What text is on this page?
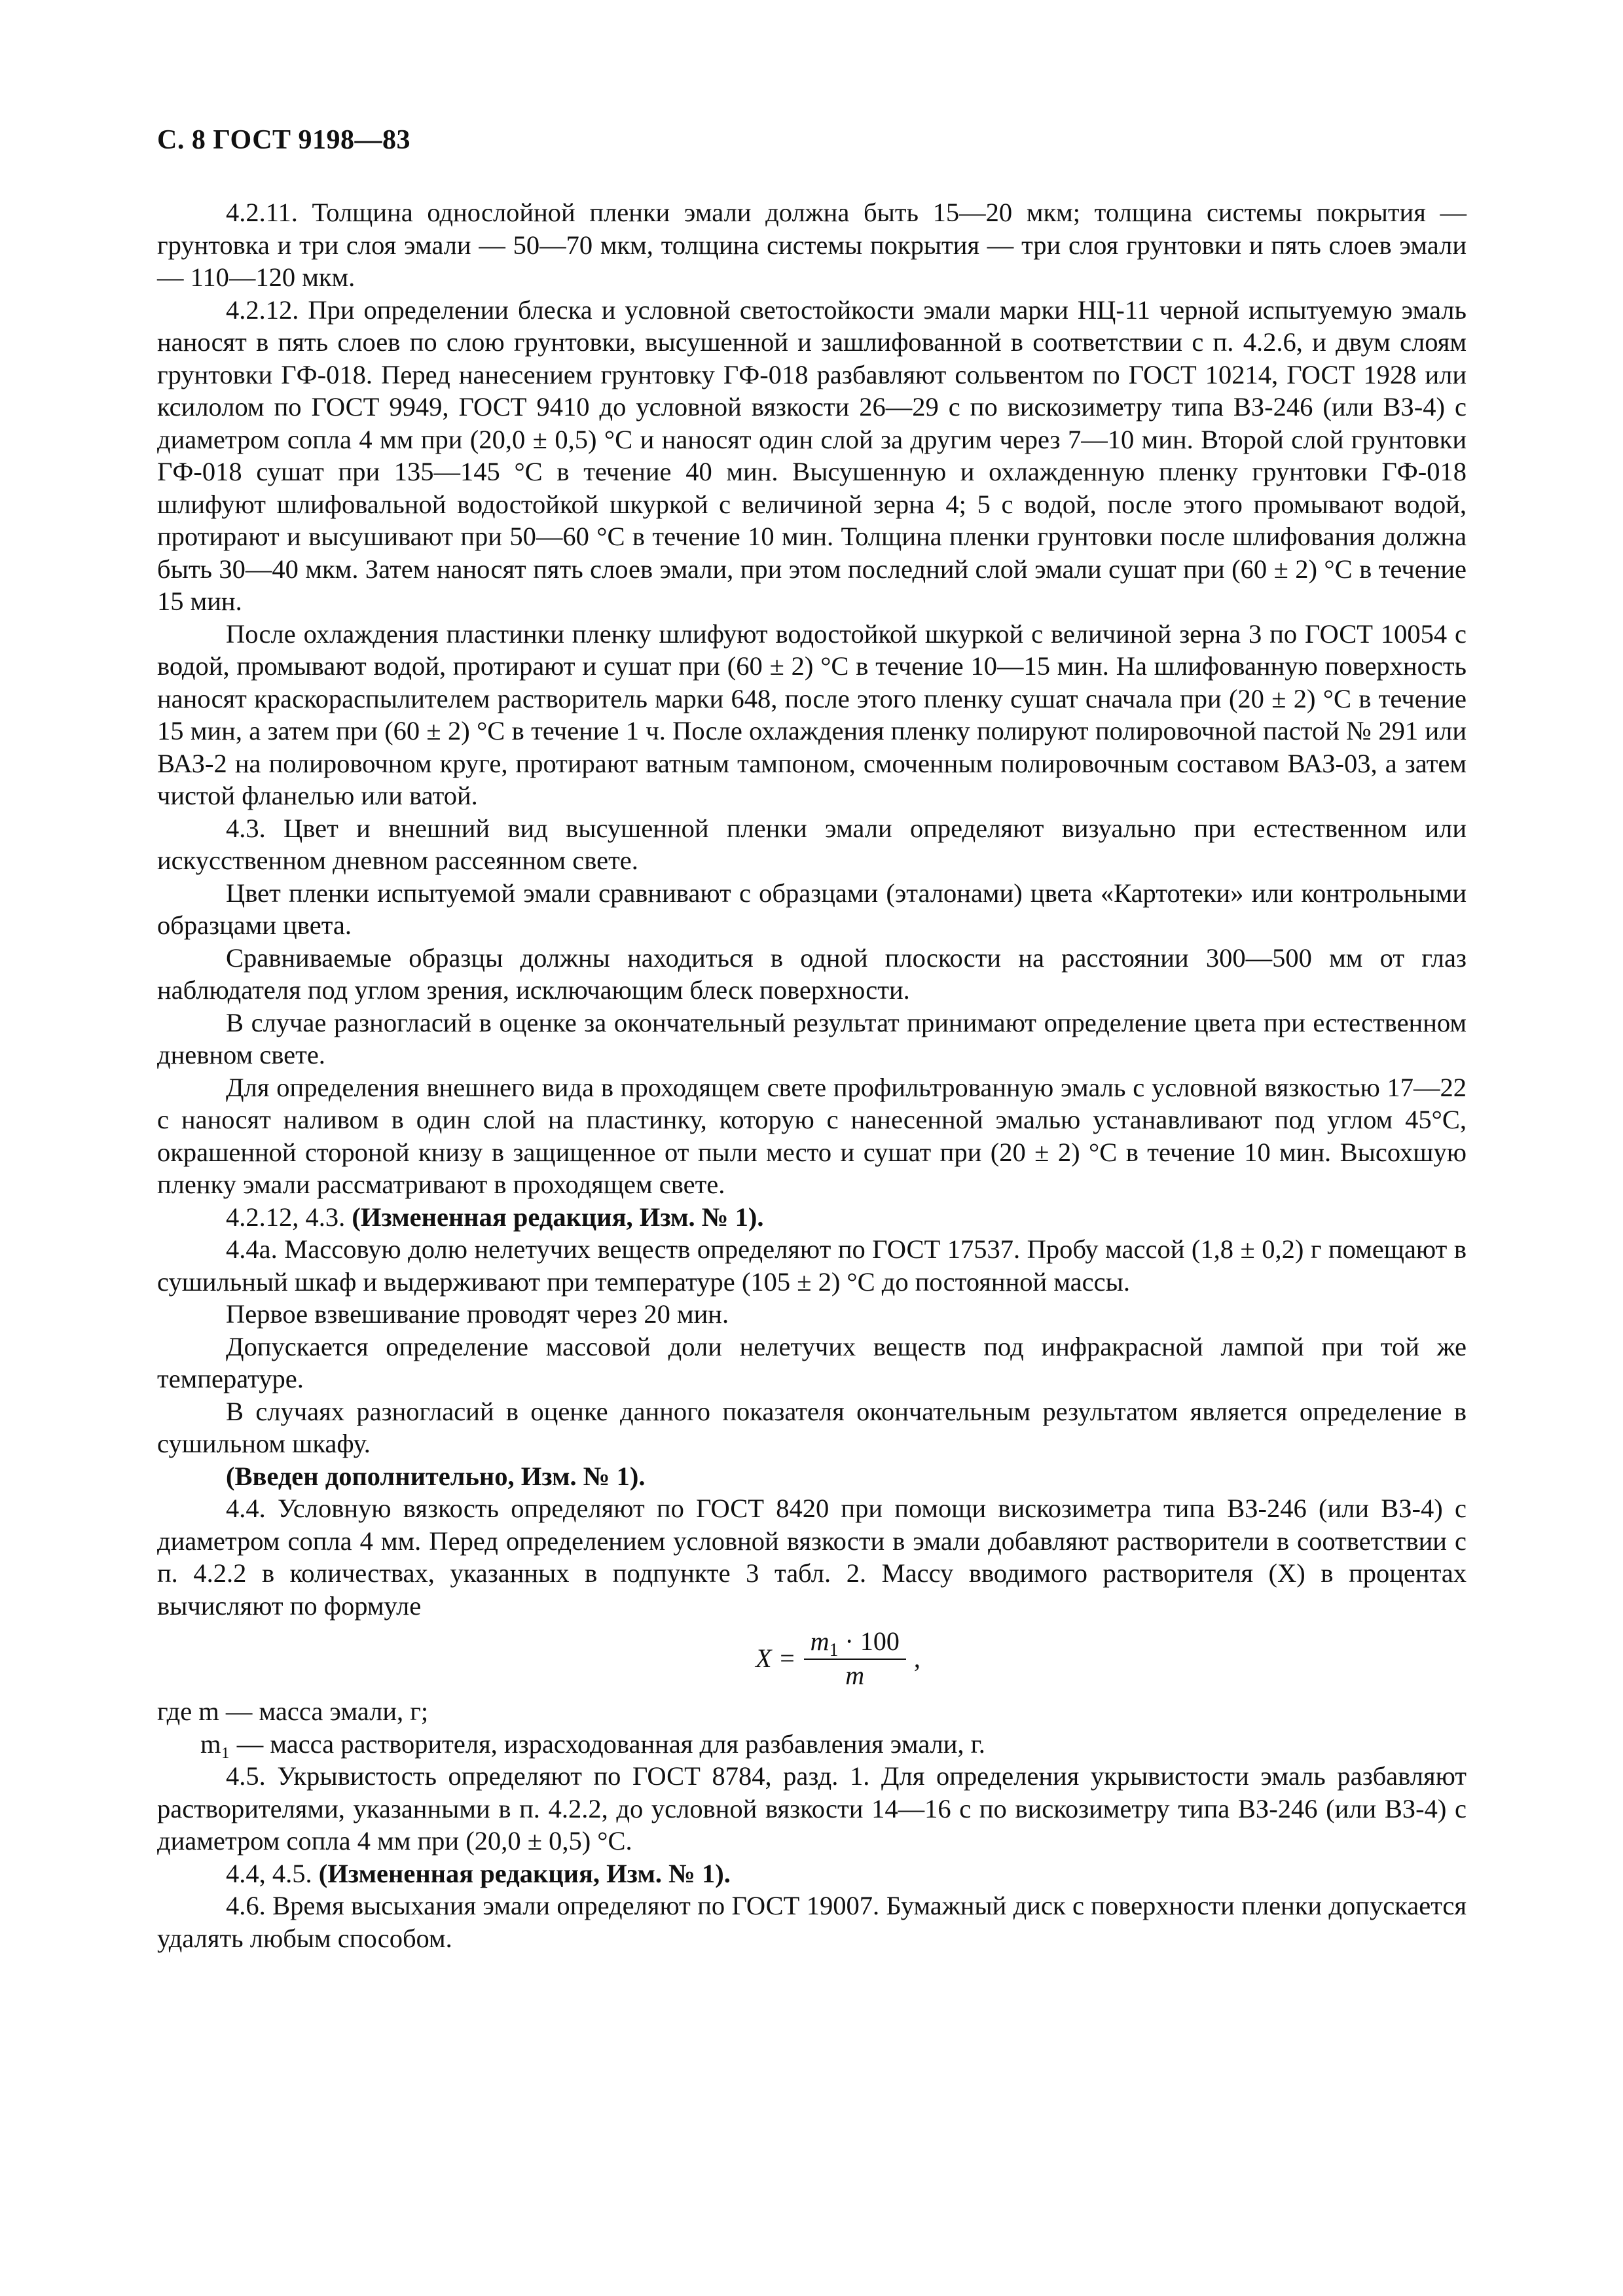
С. 8 ГОСТ 9198—83

4.2.11. Толщина однослойной пленки эмали должна быть 15—20 мкм; толщина системы покрытия — грунтовка и три слоя эмали — 50—70 мкм, толщина системы покрытия — три слоя грунтовки и пять слоев эмали — 110—120 мкм.

4.2.12. При определении блеска и условной светостойкости эмали марки НЦ-11 черной испытуемую эмаль наносят в пять слоев по слою грунтовки, высушенной и зашлифованной в соответствии с п. 4.2.6, и двум слоям грунтовки ГФ-018. Перед нанесением грунтовку ГФ-018 разбавляют сольвентом по ГОСТ 10214, ГОСТ 1928 или ксилолом по ГОСТ 9949, ГОСТ 9410 до условной вязкости 26—29 с по вискозиметру типа ВЗ-246 (или ВЗ-4) с диаметром сопла 4 мм при (20,0 ± 0,5) °С и наносят один слой за другим через 7—10 мин. Второй слой грунтовки ГФ-018 сушат при 135—145 °С в течение 40 мин. Высушенную и охлажденную пленку грунтовки ГФ-018 шлифуют шлифовальной водостойкой шкуркой с величиной зерна 4; 5 с водой, после этого промывают водой, протирают и высушивают при 50—60 °С в течение 10 мин. Толщина пленки грунтовки после шлифования должна быть 30—40 мкм. Затем наносят пять слоев эмали, при этом последний слой эмали сушат при (60 ± 2) °С в течение 15 мин.

После охлаждения пластинки пленку шлифуют водостойкой шкуркой с величиной зерна 3 по ГОСТ 10054 с водой, промывают водой, протирают и сушат при (60 ± 2) °С в течение 10—15 мин. На шлифованную поверхность наносят краскораспылителем растворитель марки 648, после этого пленку сушат сначала при (20 ± 2) °С в течение 15 мин, а затем при (60 ± 2) °С в течение 1 ч. После охлаждения пленку полируют полировочной пастой № 291 или ВАЗ-2 на полировочном круге, протирают ватным тампоном, смоченным полировочным составом ВАЗ-03, а затем чистой фланелью или ватой.

4.3. Цвет и внешний вид высушенной пленки эмали определяют визуально при естественном или искусственном дневном рассеянном свете.

Цвет пленки испытуемой эмали сравнивают с образцами (эталонами) цвета «Картотеки» или контрольными образцами цвета.

Сравниваемые образцы должны находиться в одной плоскости на расстоянии 300—500 мм от глаз наблюдателя под углом зрения, исключающим блеск поверхности.

В случае разногласий в оценке за окончательный результат принимают определение цвета при естественном дневном свете.

Для определения внешнего вида в проходящем свете профильтрованную эмаль с условной вязкостью 17—22 с наносят наливом в один слой на пластинку, которую с нанесенной эмалью устанавливают под углом 45°С, окрашенной стороной книзу в защищенное от пыли место и сушат при (20 ± 2) °С в течение 10 мин. Высохшую пленку эмали рассматривают в проходящем свете.

4.2.12, 4.3. (Измененная редакция, Изм. № 1).

4.4а. Массовую долю нелетучих веществ определяют по ГОСТ 17537. Пробу массой (1,8 ± 0,2) г помещают в сушильный шкаф и выдерживают при температуре (105 ± 2) °С до постоянной массы.

Первое взвешивание проводят через 20 мин.

Допускается определение массовой доли нелетучих веществ под инфракрасной лампой при той же температуре.

В случаях разногласий в оценке данного показателя окончательным результатом является определение в сушильном шкафу.

(Введен дополнительно, Изм. № 1).

4.4. Условную вязкость определяют по ГОСТ 8420 при помощи вискозиметра типа ВЗ-246 (или ВЗ-4) с диаметром сопла 4 мм. Перед определением условной вязкости в эмали добавляют растворители в соответствии с п. 4.2.2 в количествах, указанных в подпункте 3 табл. 2. Массу вводимого растворителя (X) в процентах вычисляют по формуле

$X = \frac{m_1 \cdot 100}{m}$ ,

где m — масса эмали, г;

m₁ — масса растворителя, израсходованная для разбавления эмали, г.

4.5. Укрывистость определяют по ГОСТ 8784, разд. 1. Для определения укрывистости эмаль разбавляют растворителями, указанными в п. 4.2.2, до условной вязкости 14—16 с по вискозиметру типа ВЗ-246 (или ВЗ-4) с диаметром сопла 4 мм при (20,0 ± 0,5) °С.

4.4, 4.5. (Измененная редакция, Изм. № 1).

4.6. Время высыхания эмали определяют по ГОСТ 19007. Бумажный диск с поверхности пленки допускается удалять любым способом.
